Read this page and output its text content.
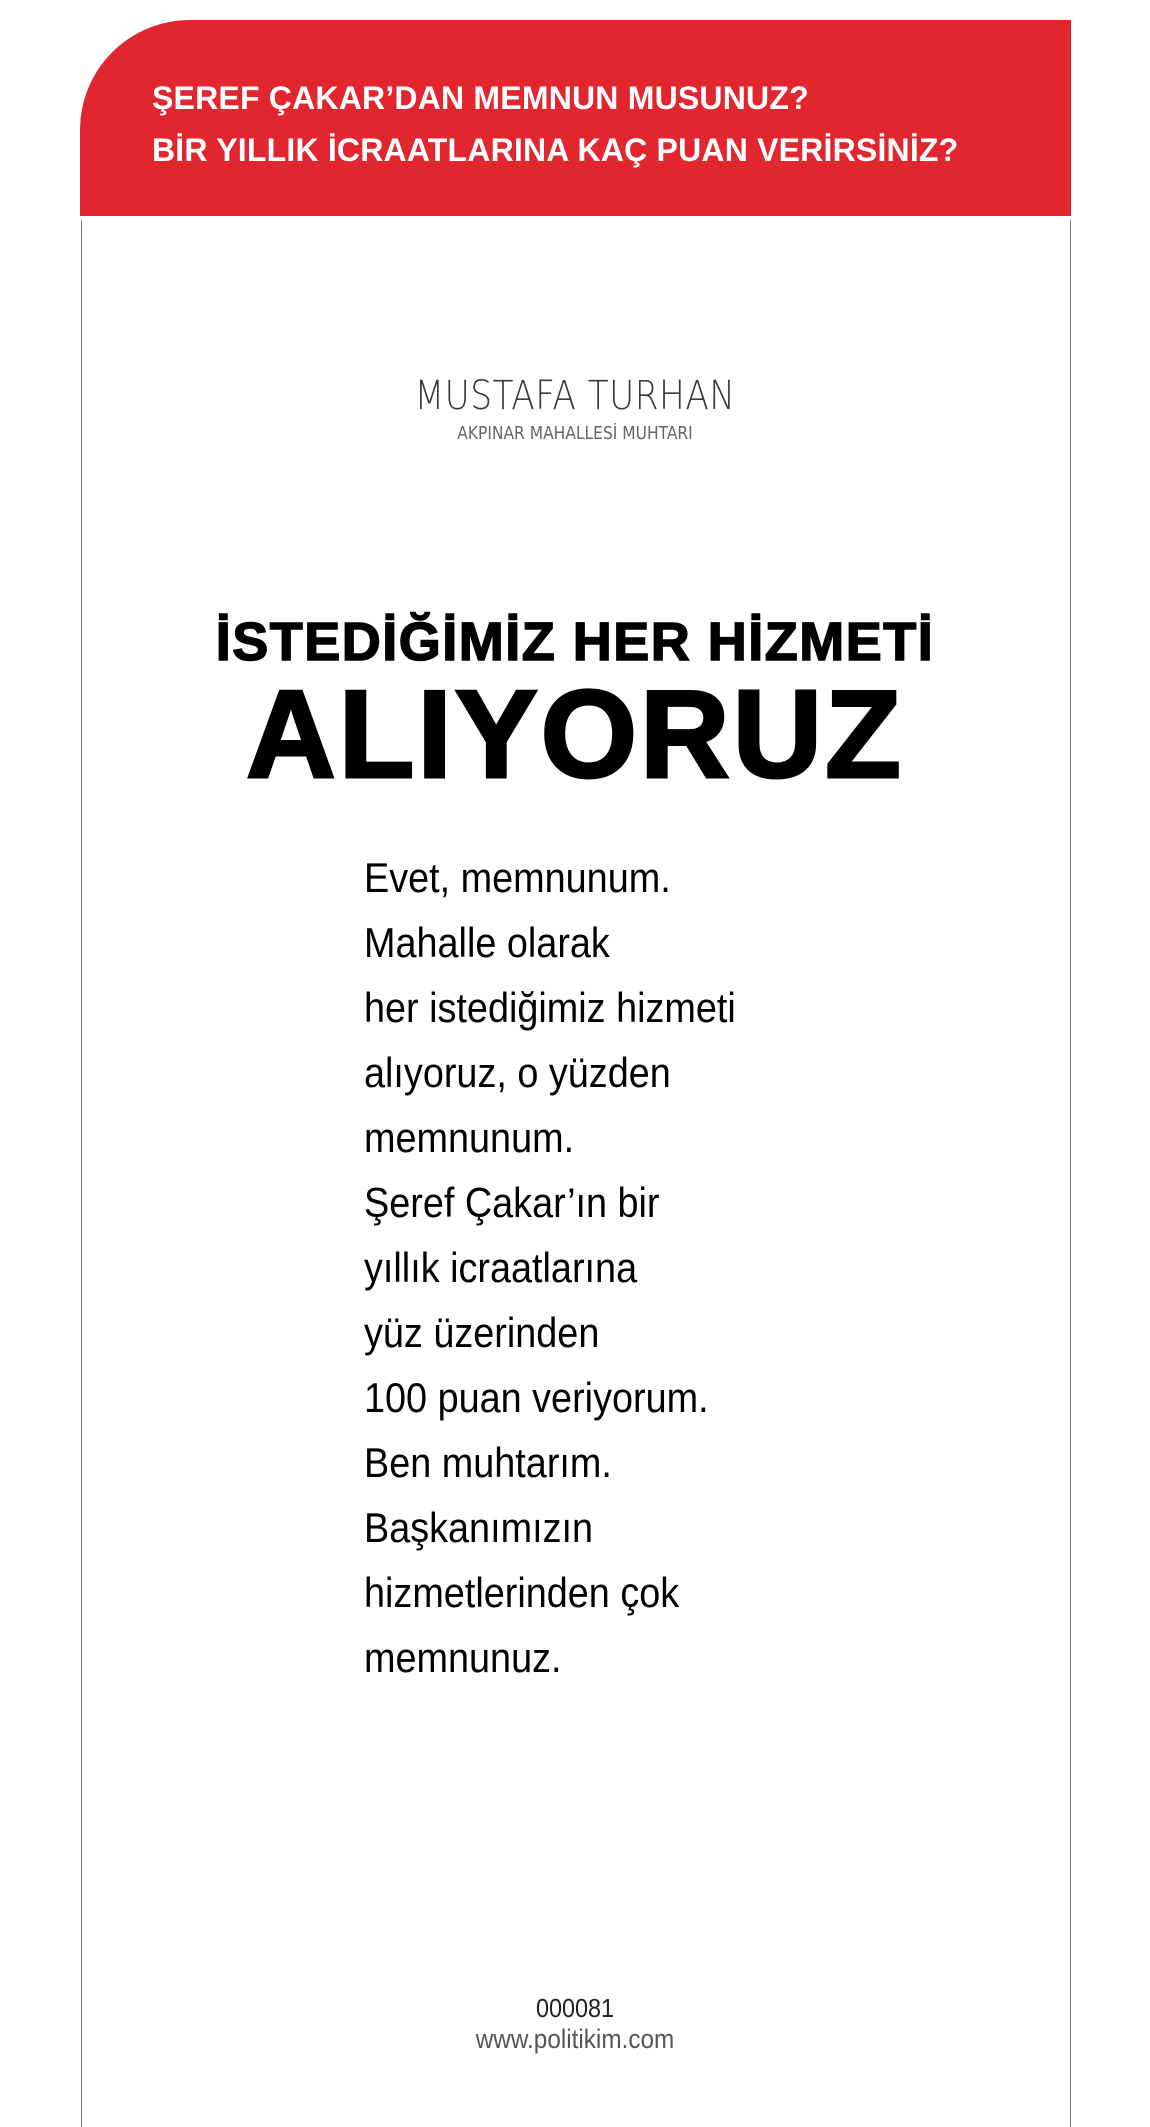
ŞEREF ÇAKAR’DAN MEMNUN MUSUNUZ?
BİR YILLIK İCRAATLARINA KAÇ PUAN VERİRSİNİZ?
MUSTAFA TURHAN
AKPINAR MAHALLESİ MUHTARI
İSTEDİĞİMİZ HER HİZMETİ
ALIYORUZ
Evet, memnunum.
Mahalle olarak
her istediğimiz hizmeti
alıyoruz, o yüzden
memnunum.
Şeref Çakar’ın bir
yıllık icraatlarına
yüz üzerinden
100 puan veriyorum.
Ben muhtarım.
Başkanımızın
hizmetlerinden çok
memnunuz.
000081
www.politikim.com
